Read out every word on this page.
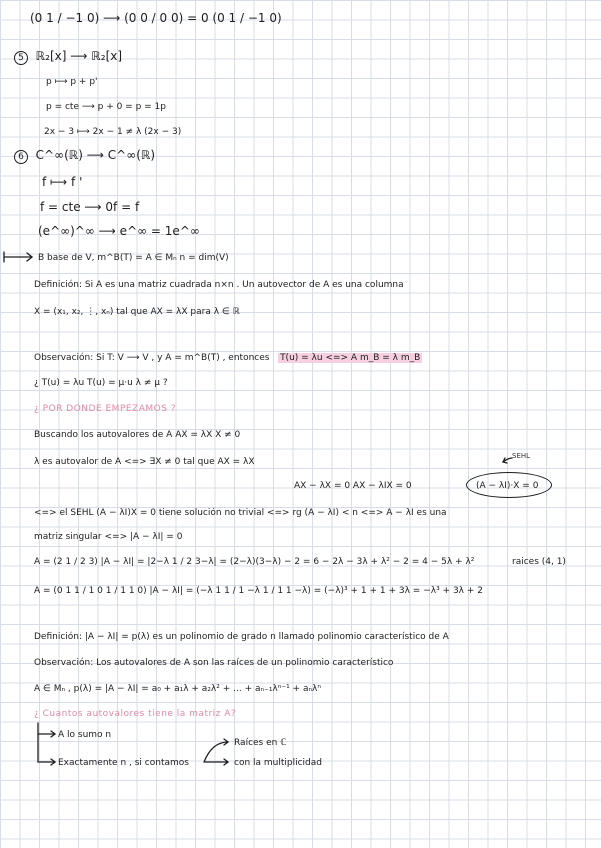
(0 1 / −1 0) ⟶ (0 0 / 0 0) = 0 (0 1 / −1 0)
5 ℝ₂[x] ⟶ ℝ₂[x]
p ⟼ p + p'
p = cte ⟶ p + 0 = p = 1p
2x − 3 ⟼ 2x − 1 ≠ λ (2x − 3)
6 C^∞(ℝ) ⟶ C^∞(ℝ)
f ⟼ f '
f = cte ⟶ 0f = f
(e^∞)^∞ ⟶ e^∞ = 1e^∞
B base de V, m^B(T) = A ∈ Mₙ n = dim(V)
Definición: Si A es una matriz cuadrada n×n . Un autovector de A es una columna
X = (x₁, x₂, ⋮, xₙ) tal que AX = λX para λ ∈ ℝ
Observación: Si T: V ⟶ V , y A = m^B(T) , entonces T(u) = λu <=> A m_B = λ m_B
¿ T(u) = λu T(u) = μ·u λ ≠ μ ?
¿ POR DONDE EMPEZAMOS ?
Buscando los autovalores de A AX = λX X ≠ 0
λ es autovalor de A <=> ∃X ≠ 0 tal que AX = λX
SEHL
AX − λX = 0 AX − λIX = 0	(A − λI)·X = 0
<=> el SEHL (A − λI)X = 0 tiene solución no trivial <=> rg (A − λI) < n <=> A − λI es una
matriz singular <=> |A − λI| = 0
A = (2 1 / 2 3) |A − λI| = |2−λ 1 / 2 3−λ| = (2−λ)(3−λ) − 2 = 6 − 2λ − 3λ + λ² − 2 = 4 − 5λ + λ²	raices (4, 1)
A = (0 1 1 / 1 0 1 / 1 1 0) |A − λI| = (−λ 1 1 / 1 −λ 1 / 1 1 −λ) = (−λ)³ + 1 + 1 + 3λ = −λ³ + 3λ + 2
Definición: |A − λI| = p(λ) es un polinomio de grado n llamado polinomio característico de A
Observación: Los autovalores de A son las raíces de un polinomio característico
A ∈ Mₙ , p(λ) = |A − λI| = a₀ + a₁λ + a₂λ² + ... + aₙ₋₁λⁿ⁻¹ + aₙλⁿ
¿ Cuantos autovalores tiene la matriz A?
A lo sumo n
Exactamente n , si contamos
Raíces en ℂ
con la multiplicidad
